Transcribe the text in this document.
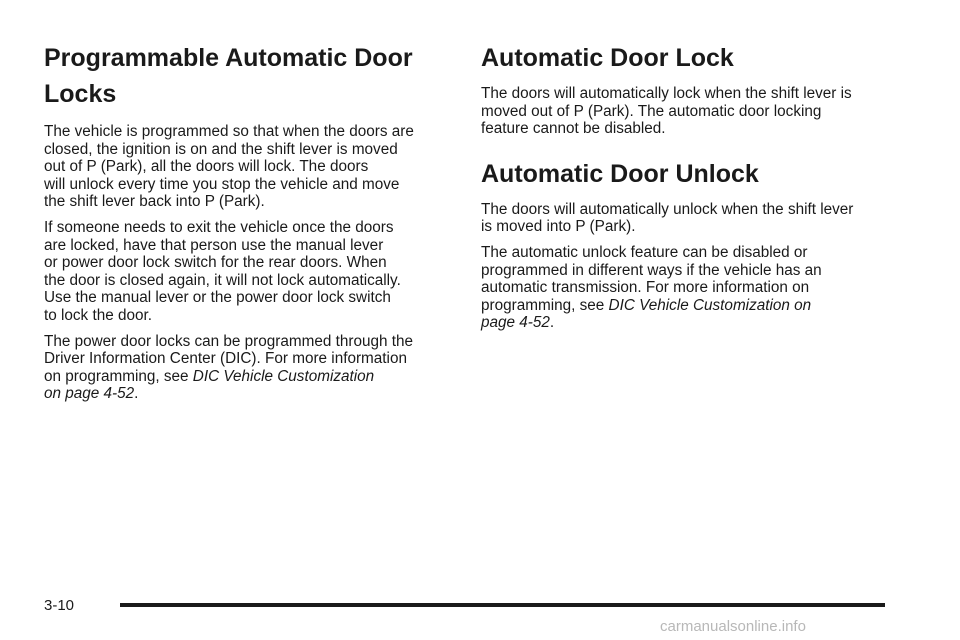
Programmable Automatic Door
Locks

The vehicle is programmed so that when the doors are
closed, the ignition is on and the shift lever is moved
out of P (Park), all the doors will lock. The doors
will unlock every time you stop the vehicle and move
the shift lever back into P (Park).

If someone needs to exit the vehicle once the doors
are locked, have that person use the manual lever
or power door lock switch for the rear doors. When
the door is closed again, it will not lock automatically.
Use the manual lever or the power door lock switch
to lock the door.

The power door locks can be programmed through the
Driver Information Center (DIC). For more information
on programming, see DIC Vehicle Customization
on page 4-52.

Automatic Door Lock

The doors will automatically lock when the shift lever is
moved out of P (Park). The automatic door locking
feature cannot be disabled.

Automatic Door Unlock

The doors will automatically unlock when the shift lever
is moved into P (Park).

The automatic unlock feature can be disabled or
programmed in different ways if the vehicle has an
automatic transmission. For more information on
programming, see DIC Vehicle Customization on
page 4-52.

3-10
carmanualsonline.info
